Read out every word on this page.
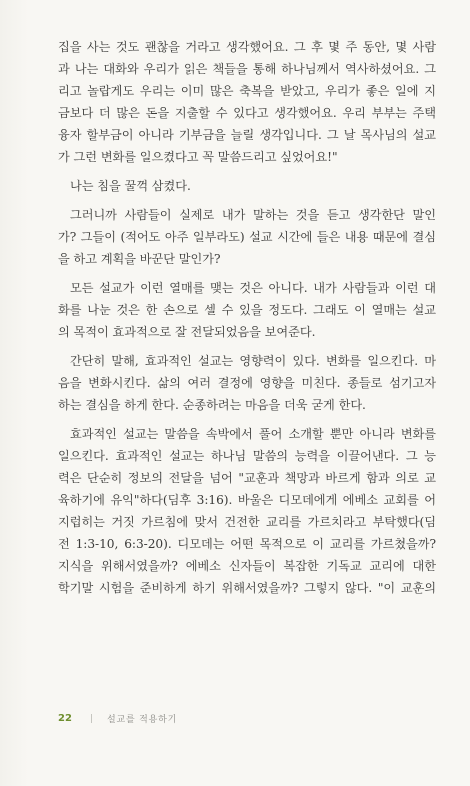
집을 사는 것도 괜찮을 거라고 생각했어요. 그 후 몇 주 동안, 몇 사람
과 나는 대화와 우리가 읽은 책들을 통해 하나님께서 역사하셨어요. 그
리고 놀랍게도 우리는 이미 많은 축복을 받았고, 우리가 좋은 일에 지
금보다 더 많은 돈을 지출할 수 있다고 생각했어요. 우리 부부는 주택
융자 할부금이 아니라 기부금을 늘릴 생각입니다. 그 날 목사님의 설교
가 그런 변화를 일으켰다고 꼭 말씀드리고 싶었어요!"
나는 침을 꿀꺽 삼켰다.
그러니까 사람들이 실제로 내가 말하는 것을 듣고 생각한단 말인
가? 그들이 (적어도 아주 일부라도) 설교 시간에 들은 내용 때문에 결심
을 하고 계획을 바꾼단 말인가?
모든 설교가 이런 열매를 맺는 것은 아니다. 내가 사람들과 이런 대
화를 나눈 것은 한 손으로 셀 수 있을 정도다. 그래도 이 열매는 설교
의 목적이 효과적으로 잘 전달되었음을 보여준다.
간단히 말해, 효과적인 설교는 영향력이 있다. 변화를 일으킨다. 마
음을 변화시킨다. 삶의 여러 결정에 영향을 미친다. 종들로 섬기고자
하는 결심을 하게 한다. 순종하려는 마음을 더욱 굳게 한다.
효과적인 설교는 말씀을 속박에서 풀어 소개할 뿐만 아니라 변화를
일으킨다. 효과적인 설교는 하나님 말씀의 능력을 이끌어낸다. 그 능
력은 단순히 정보의 전달을 넘어 "교훈과 책망과 바르게 함과 의로 교
육하기에 유익"하다(딤후 3:16). 바울은 디모데에게 에베소 교회를 어
지럽히는 거짓 가르침에 맞서 건전한 교리를 가르치라고 부탁했다(딤
전 1:3-10, 6:3-20). 디모데는 어떤 목적으로 이 교리를 가르쳤을까?
지식을 위해서였을까? 에베소 신자들이 복잡한 기독교 교리에 대한
학기말 시험을 준비하게 하기 위해서였을까? 그렇지 않다. "이 교훈의
22 | 설교를 적용하기
